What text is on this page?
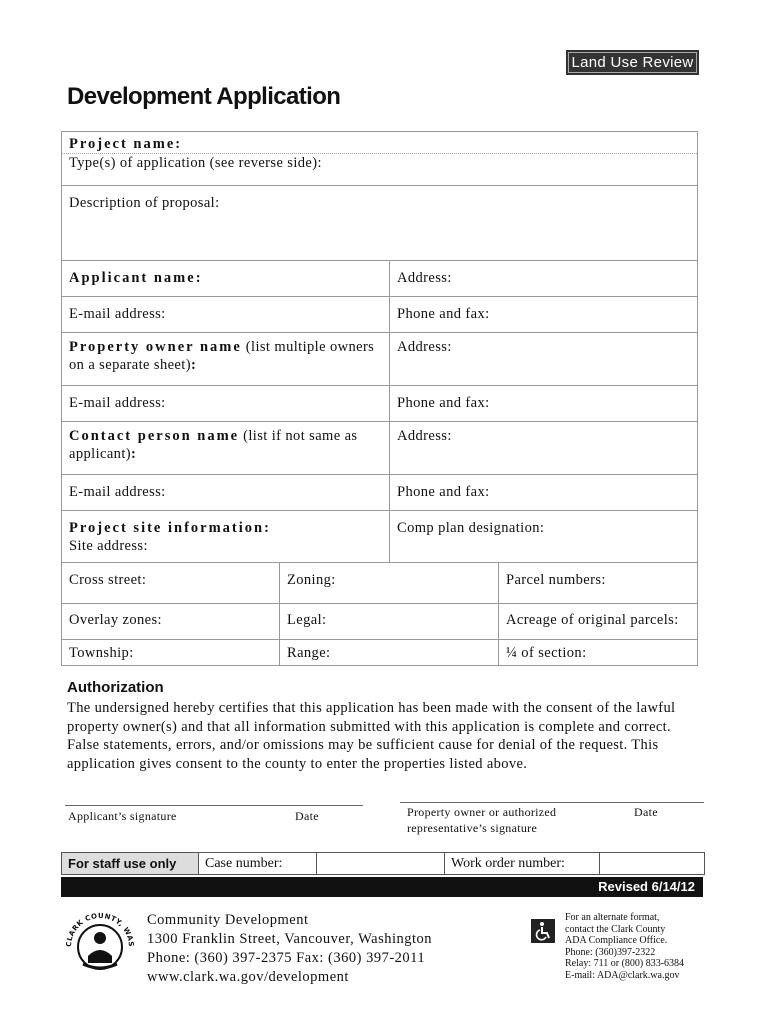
Land Use Review
Development Application
Project name:
Type(s) of application (see reverse side):			

Description of proposal:			
Applicant name:		Address:	
E-mail address:		Phone and fax:	
Property owner name (list multiple owners on a separate sheet):		Address:	
E-mail address:		Phone and fax:	
Contact person name (list if not same as applicant):		Address:	
E-mail address:		Phone and fax:	

Project site information:
Site address:		Comp plan designation:	
Cross street:	Zoning:		Parcel numbers:
Overlay zones:	Legal:		Acreage of original parcels:
Township:	Range:		¼ of section:
Authorization
The undersigned hereby certifies that this application has been made with the consent of the lawful property owner(s) and that all information submitted with this application is complete and correct. False statements, errors, and/or omissions may be sufficient cause for denial of the request. This application gives consent to the county to enter the properties listed above.
Applicant’s signature	Date	Property owner or authorized
representative’s signature
Date
For staff use only	Case number:	Work order number:
Revised 6/14/12
CLARK COUNTY, WAS
Community Development
1300 Franklin Street, Vancouver, Washington
Phone: (360) 397-2375 Fax: (360) 397-2011
www.clark.wa.gov/development
For an alternate format,
contact the Clark County
ADA Compliance Office.
Phone: (360)397-2322
Relay: 711 or (800) 833-6384
E-mail: ADA@clark.wa.gov
